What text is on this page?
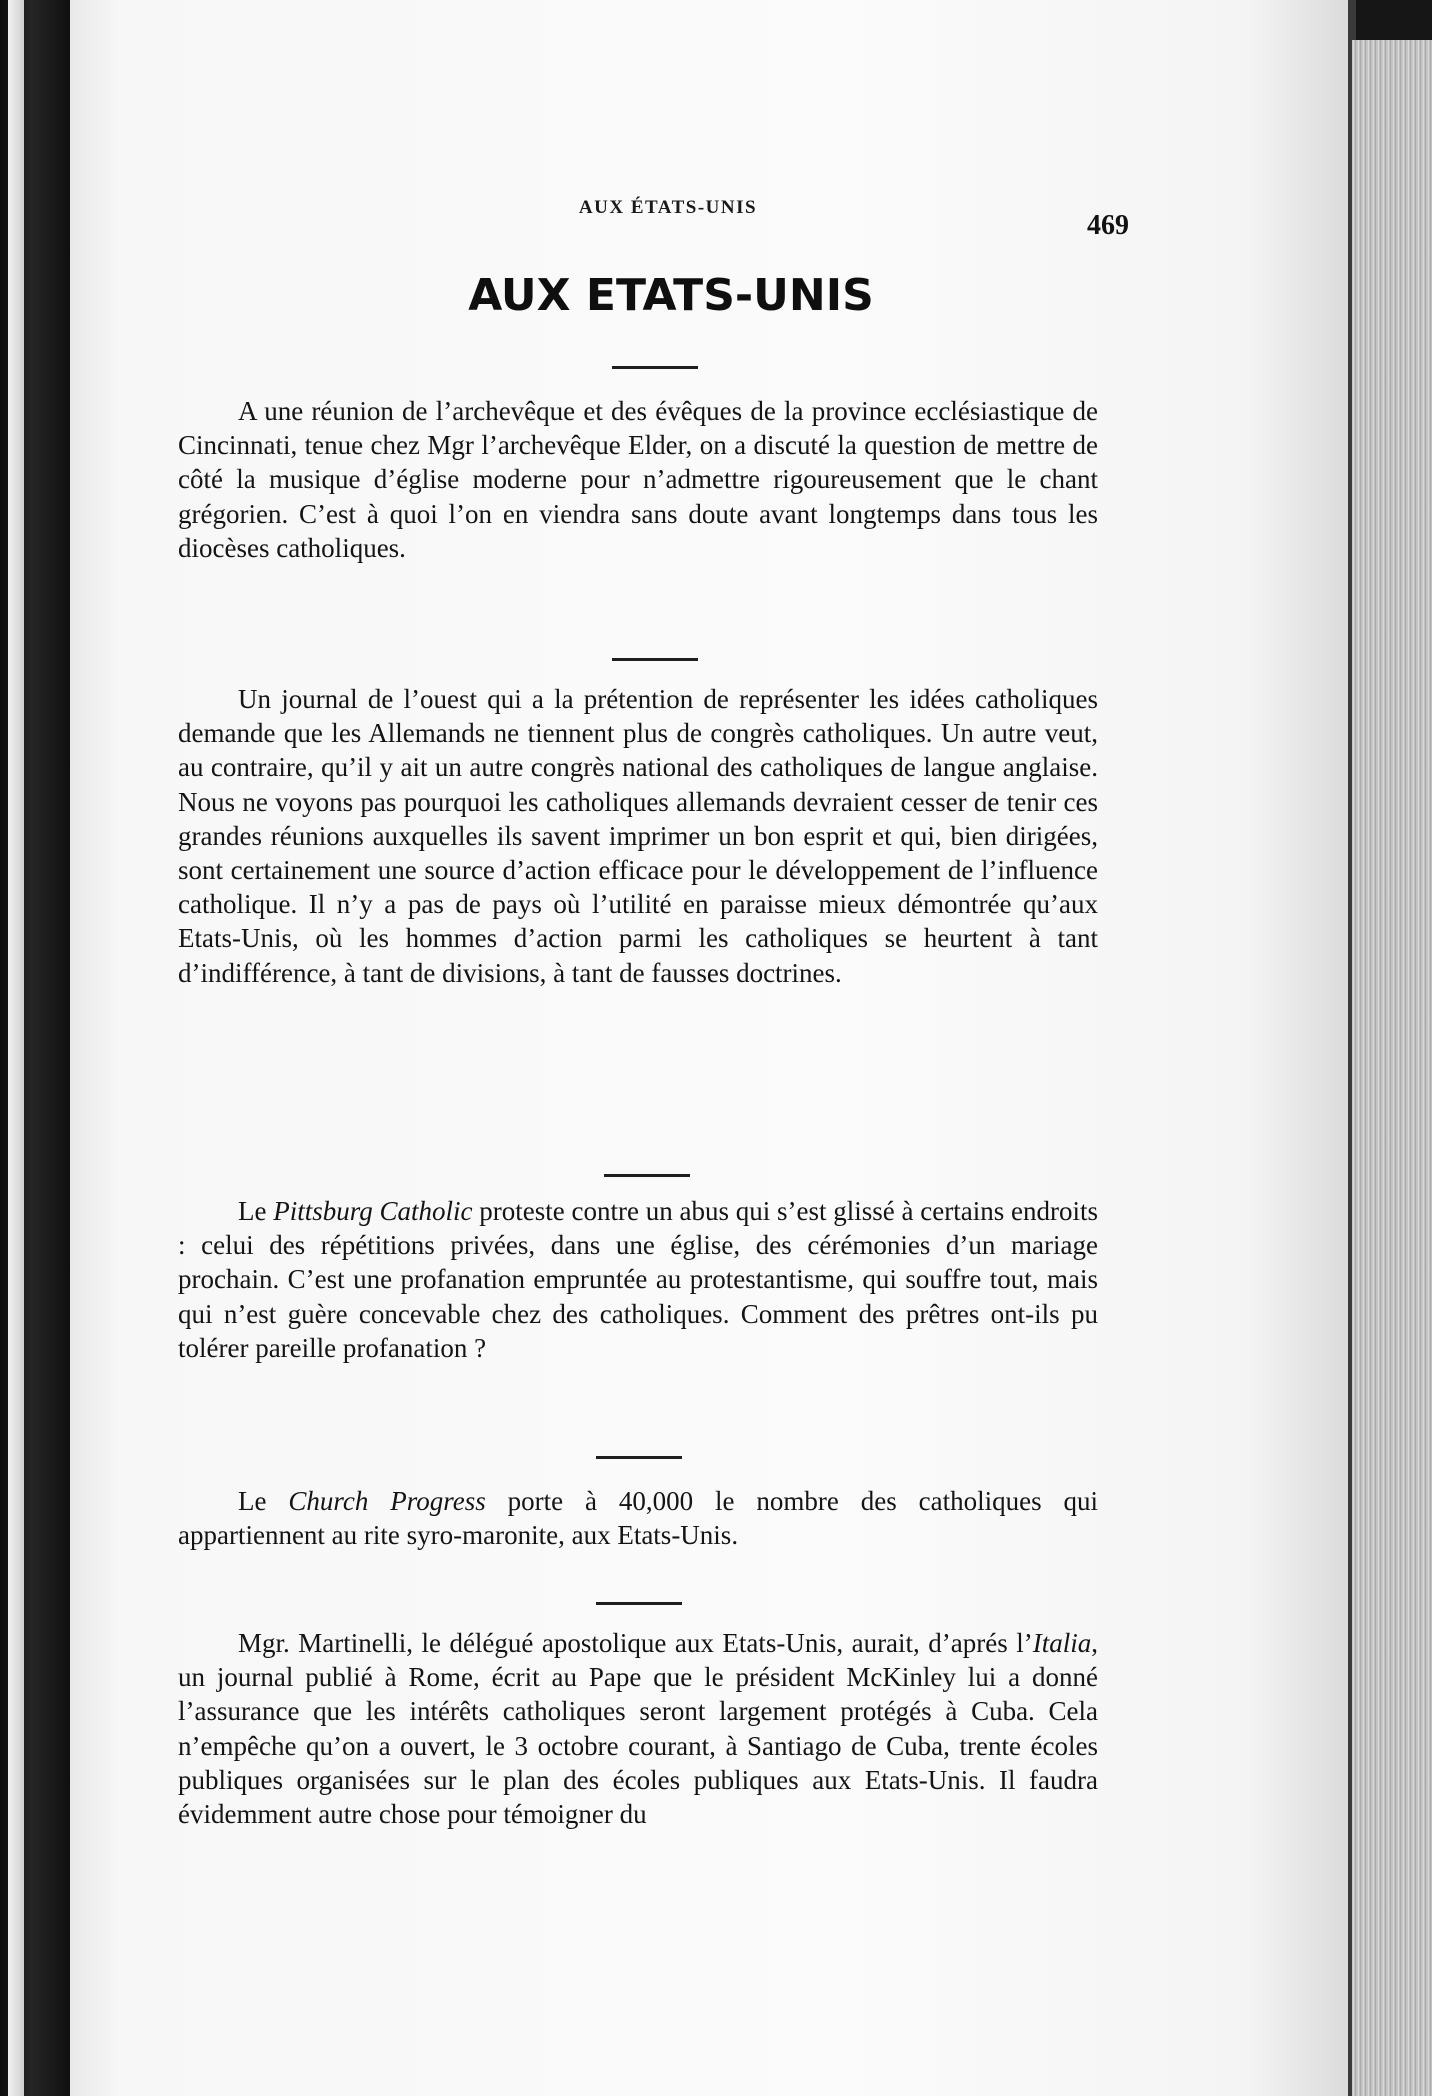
AUX ÉTATS-UNIS
469
AUX ETATS-UNIS

A une réunion de l’archevêque et des évêques de la province ecclésiastique de Cincinnati, tenue chez Mgr l’archevêque Elder, on a discuté la question de mettre de côté la musique d’église moderne pour n’admettre rigoureusement que le chant grégorien. C’est à quoi l’on en viendra sans doute avant longtemps dans tous les diocèses catholiques.

Un journal de l’ouest qui a la prétention de représenter les idées catholiques demande que les Allemands ne tiennent plus de congrès catholiques. Un autre veut, au contraire, qu’il y ait un autre congrès national des catholiques de langue anglaise. Nous ne voyons pas pourquoi les catholiques allemands devraient cesser de tenir ces grandes réunions auxquelles ils savent imprimer un bon esprit et qui, bien dirigées, sont certainement une source d’action efficace pour le développement de l’influence catholique. Il n’y a pas de pays où l’utilité en paraisse mieux démontrée qu’aux Etats-Unis, où les hommes d’action parmi les catholiques se heurtent à tant d’indifférence, à tant de divisions, à tant de fausses doctrines.

Le Pittsburg Catholic proteste contre un abus qui s’est glissé à certains endroits : celui des répétitions privées, dans une église, des cérémonies d’un mariage prochain. C’est une profanation empruntée au protestantisme, qui souffre tout, mais qui n’est guère concevable chez des catholiques. Comment des prêtres ont-ils pu tolérer pareille profanation ?

Le Church Progress porte à 40,000 le nombre des catholiques qui appartiennent au rite syro-maronite, aux Etats-Unis.

Mgr. Martinelli, le délégué apostolique aux Etats-Unis, aurait, d’aprés l’Italia, un journal publié à Rome, écrit au Pape que le président McKinley lui a donné l’assurance que les intérêts catholiques seront largement protégés à Cuba. Cela n’empêche qu’on a ouvert, le 3 octobre courant, à Santiago de Cuba, trente écoles publiques organisées sur le plan des écoles publiques aux Etats-Unis. Il faudra évidemment autre chose pour témoigner du
